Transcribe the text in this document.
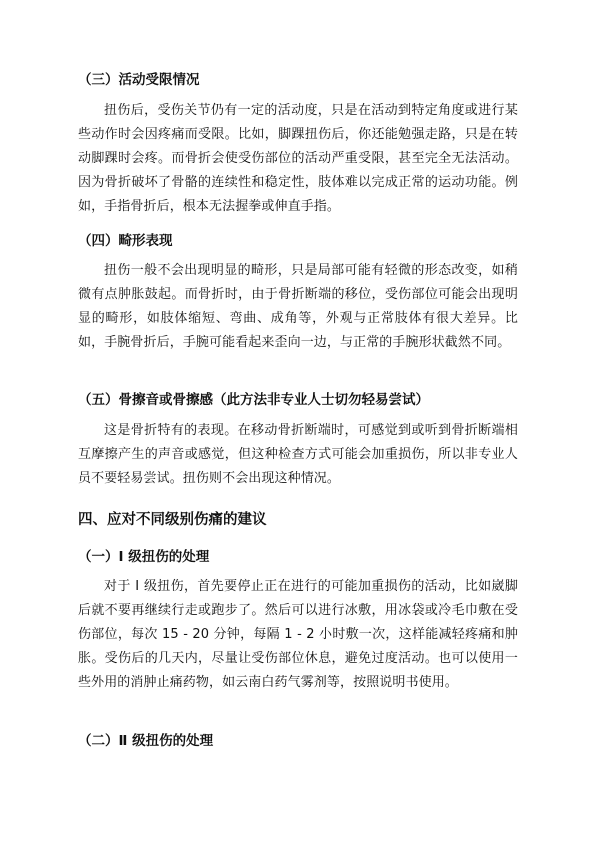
（三）活动受限情况

扭伤后，受伤关节仍有一定的活动度，只是在活动到特定角度或进行某些动作时会因疼痛而受限。比如，脚踝扭伤后，你还能勉强走路，只是在转动脚踝时会疼。而骨折会使受伤部位的活动严重受限，甚至完全无法活动。因为骨折破坏了骨骼的连续性和稳定性，肢体难以完成正常的运动功能。例如，手指骨折后，根本无法握拳或伸直手指。

（四）畸形表现

扭伤一般不会出现明显的畸形，只是局部可能有轻微的形态改变，如稍微有点肿胀鼓起。而骨折时，由于骨折断端的移位，受伤部位可能会出现明显的畸形，如肢体缩短、弯曲、成角等，外观与正常肢体有很大差异。比如，手腕骨折后，手腕可能看起来歪向一边，与正常的手腕形状截然不同。

（五）骨擦音或骨擦感（此方法非专业人士切勿轻易尝试）

这是骨折特有的表现。在移动骨折断端时，可感觉到或听到骨折断端相互摩擦产生的声音或感觉，但这种检查方式可能会加重损伤，所以非专业人员不要轻易尝试。扭伤则不会出现这种情况。

四、应对不同级别伤痛的建议
（一）Ⅰ 级扭伤的处理

对于 Ⅰ 级扭伤，首先要停止正在进行的可能加重损伤的活动，比如崴脚后就不要再继续行走或跑步了。然后可以进行冰敷，用冰袋或冷毛巾敷在受伤部位，每次 15 - 20 分钟，每隔 1 - 2 小时敷一次，这样能减轻疼痛和肿胀。受伤后的几天内，尽量让受伤部位休息，避免过度活动。也可以使用一些外用的消肿止痛药物，如云南白药气雾剂等，按照说明书使用。

（二）Ⅱ 级扭伤的处理
